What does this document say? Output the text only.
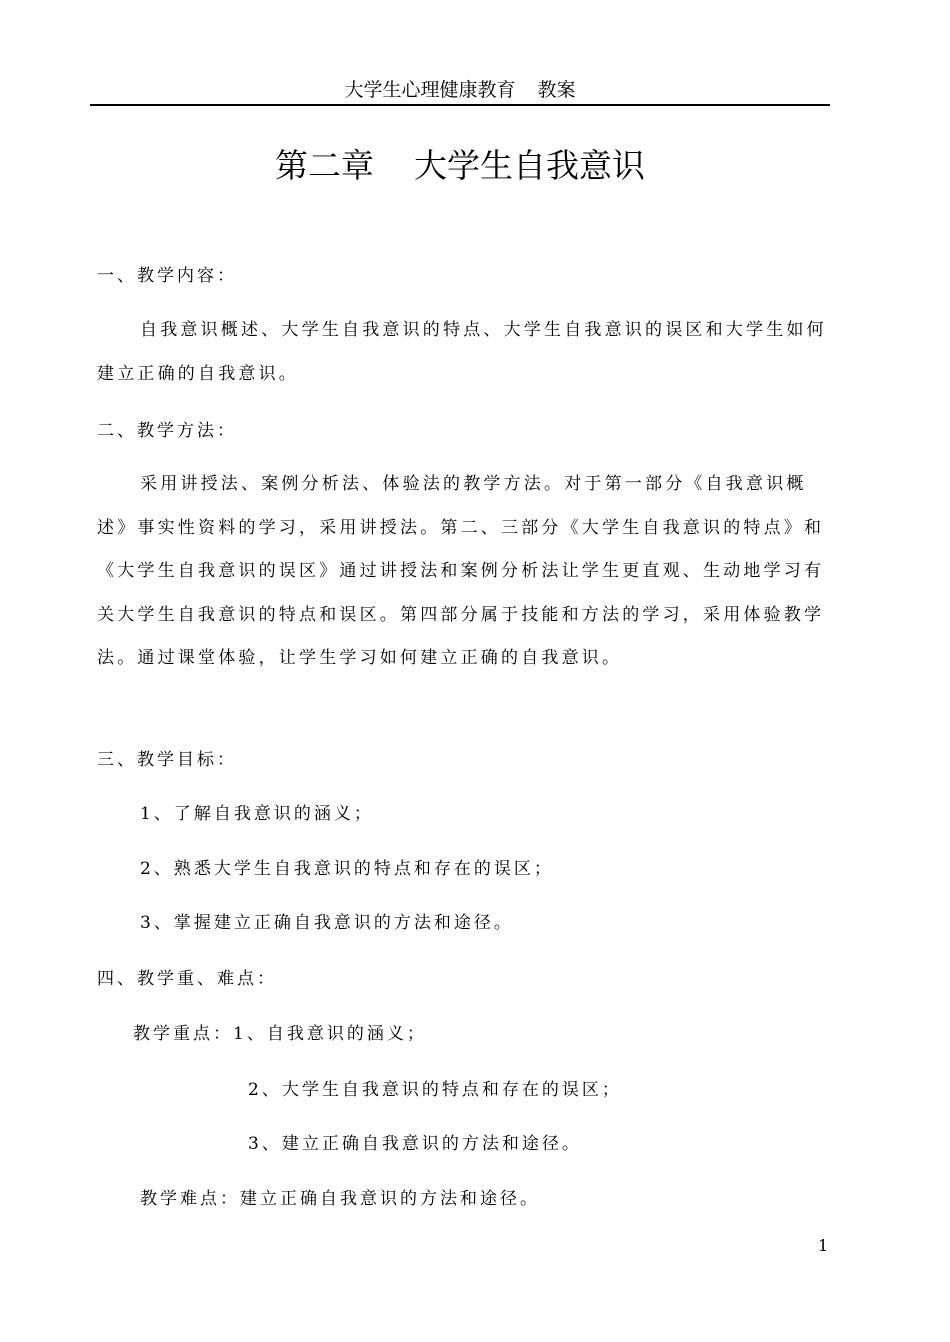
大学生心理健康教育 教案
第二章 大学生自我意识
一、教学内容：
自我意识概述、大学生自我意识的特点、大学生自我意识的误区和大学生如何建立正确的自我意识。
二、教学方法：
采用讲授法、案例分析法、体验法的教学方法。对于第一部分《自我意识概述》事实性资料的学习，采用讲授法。第二、三部分《大学生自我意识的特点》和《大学生自我意识的误区》通过讲授法和案例分析法让学生更直观、生动地学习有关大学生自我意识的特点和误区。第四部分属于技能和方法的学习，采用体验教学法。通过课堂体验，让学生学习如何建立正确的自我意识。
三、教学目标：
1、了解自我意识的涵义；
2、熟悉大学生自我意识的特点和存在的误区；
3、掌握建立正确自我意识的方法和途径。
四、教学重、难点：
教学重点：1、自我意识的涵义；
2、大学生自我意识的特点和存在的误区；
3、建立正确自我意识的方法和途径。
教学难点：建立正确自我意识的方法和途径。
1
